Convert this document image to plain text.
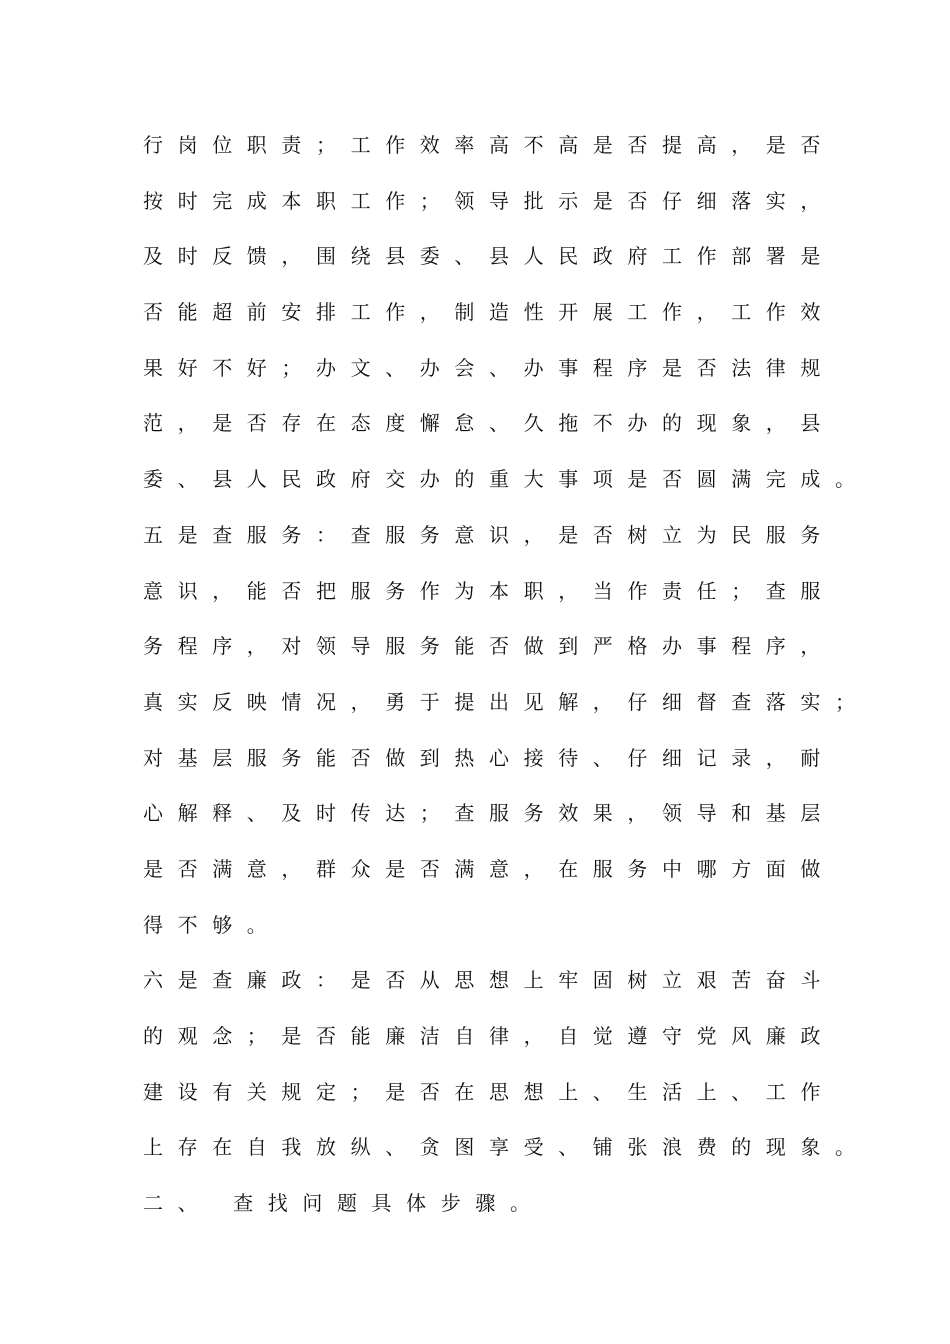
行岗位职责；工作效率高不高是否提高，是否
按时完成本职工作；领导批示是否仔细落实，
及时反馈，围绕县委、县人民政府工作部署是
否能超前安排工作，制造性开展工作，工作效
果好不好；办文、办会、办事程序是否法律规
范，是否存在态度懈怠、久拖不办的现象，县
委、县人民政府交办的重大事项是否圆满完成。
五是查服务：查服务意识，是否树立为民服务
意识，能否把服务作为本职，当作责任；查服
务程序，对领导服务能否做到严格办事程序，
真实反映情况，勇于提出见解，仔细督查落实；
对基层服务能否做到热心接待、仔细记录，耐
心解释、及时传达；查服务效果，领导和基层
是否满意，群众是否满意，在服务中哪方面做
得不够。
六是查廉政：是否从思想上牢固树立艰苦奋斗
的观念；是否能廉洁自律，自觉遵守党风廉政
建设有关规定；是否在思想上、生活上、工作
上存在自我放纵、贪图享受、铺张浪费的现象。
二、 查找问题具体步骤。
